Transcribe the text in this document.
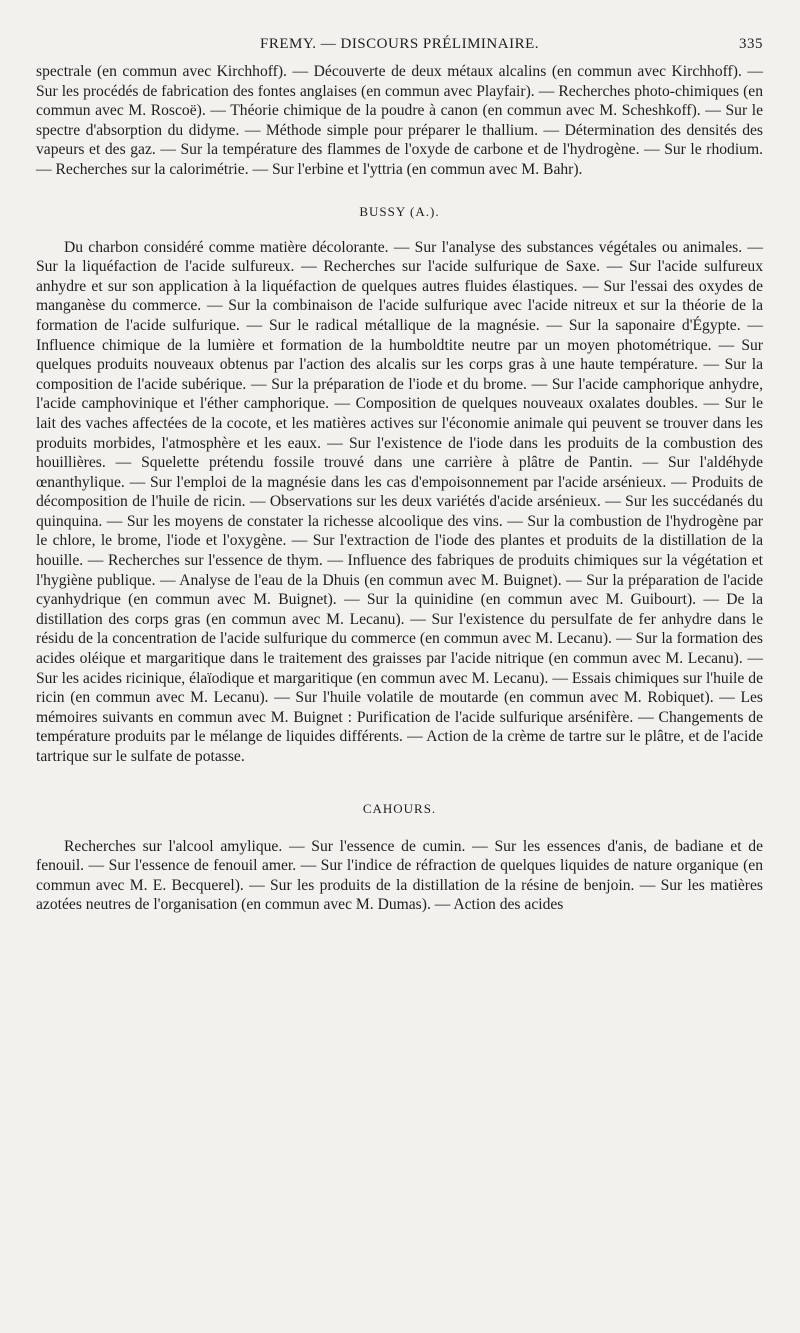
FREMY. — DISCOURS PRÉLIMINAIRE.	335

spectrale (en commun avec Kirchhoff). — Découverte de deux métaux alcalins (en commun avec Kirchhoff). — Sur les procédés de fabrication des fontes anglaises (en commun avec Playfair). — Recherches photo-chimiques (en commun avec M. Roscoë). — Théorie chimique de la poudre à canon (en commun avec M. Scheshkoff). — Sur le spectre d'absorption du didyme. — Méthode simple pour préparer le thallium. — Détermination des densités des vapeurs et des gaz. — Sur la température des flammes de l'oxyde de carbone et de l'hydrogène. — Sur le rhodium. — Recherches sur la calorimétrie. — Sur l'erbine et l'yttria (en commun avec M. Bahr).

BUSSY (A.).

Du charbon considéré comme matière décolorante. — Sur l'analyse des substances végétales ou animales. — Sur la liquéfaction de l'acide sulfureux. — Recherches sur l'acide sulfurique de Saxe. — Sur l'acide sulfureux anhydre et sur son application à la liquéfaction de quelques autres fluides élastiques. — Sur l'essai des oxydes de manganèse du commerce. — Sur la combinaison de l'acide sulfurique avec l'acide nitreux et sur la théorie de la formation de l'acide sulfurique. — Sur le radical métallique de la magnésie. — Sur la saponaire d'Égypte. — Influence chimique de la lumière et formation de la humboldtite neutre par un moyen photométrique. — Sur quelques produits nouveaux obtenus par l'action des alcalis sur les corps gras à une haute température. — Sur la composition de l'acide subérique. — Sur la préparation de l'iode et du brome. — Sur l'acide camphorique anhydre, l'acide camphovinique et l'éther camphorique. — Composition de quelques nouveaux oxalates doubles. — Sur le lait des vaches affectées de la cocote, et les matières actives sur l'économie animale qui peuvent se trouver dans les produits morbides, l'atmosphère et les eaux. — Sur l'existence de l'iode dans les produits de la combustion des houillières. — Squelette prétendu fossile trouvé dans une carrière à plâtre de Pantin. — Sur l'aldéhyde œnanthylique. — Sur l'emploi de la magnésie dans les cas d'empoisonnement par l'acide arsénieux. — Produits de décomposition de l'huile de ricin. — Observations sur les deux variétés d'acide arsénieux. — Sur les succédanés du quinquina. — Sur les moyens de constater la richesse alcoolique des vins. — Sur la combustion de l'hydrogène par le chlore, le brome, l'iode et l'oxygène. — Sur l'extraction de l'iode des plantes et produits de la distillation de la houille. — Recherches sur l'essence de thym. — Influence des fabriques de produits chimiques sur la végétation et l'hygiène publique. — Analyse de l'eau de la Dhuis (en commun avec M. Buignet). — Sur la préparation de l'acide cyanhydrique (en commun avec M. Buignet). — Sur la quinidine (en commun avec M. Guibourt). — De la distillation des corps gras (en commun avec M. Lecanu). — Sur l'existence du persulfate de fer anhydre dans le résidu de la concentration de l'acide sulfurique du commerce (en commun avec M. Lecanu). — Sur la formation des acides oléique et margaritique dans le traitement des graisses par l'acide nitrique (en commun avec M. Lecanu). — Sur les acides ricinique, élaïodique et margaritique (en commun avec M. Lecanu). — Essais chimiques sur l'huile de ricin (en commun avec M. Lecanu). — Sur l'huile volatile de moutarde (en commun avec M. Robiquet). — Les mémoires suivants en commun avec M. Buignet : Purification de l'acide sulfurique arsénifère. — Changements de température produits par le mélange de liquides différents. — Action de la crème de tartre sur le plâtre, et de l'acide tartrique sur le sulfate de potasse.

CAHOURS.

Recherches sur l'alcool amylique. — Sur l'essence de cumin. — Sur les essences d'anis, de badiane et de fenouil. — Sur l'essence de fenouil amer. — Sur l'indice de réfraction de quelques liquides de nature organique (en commun avec M. E. Becquerel). — Sur les produits de la distillation de la résine de benjoin. — Sur les matières azotées neutres de l'organisation (en commun avec M. Dumas). — Action des acides
